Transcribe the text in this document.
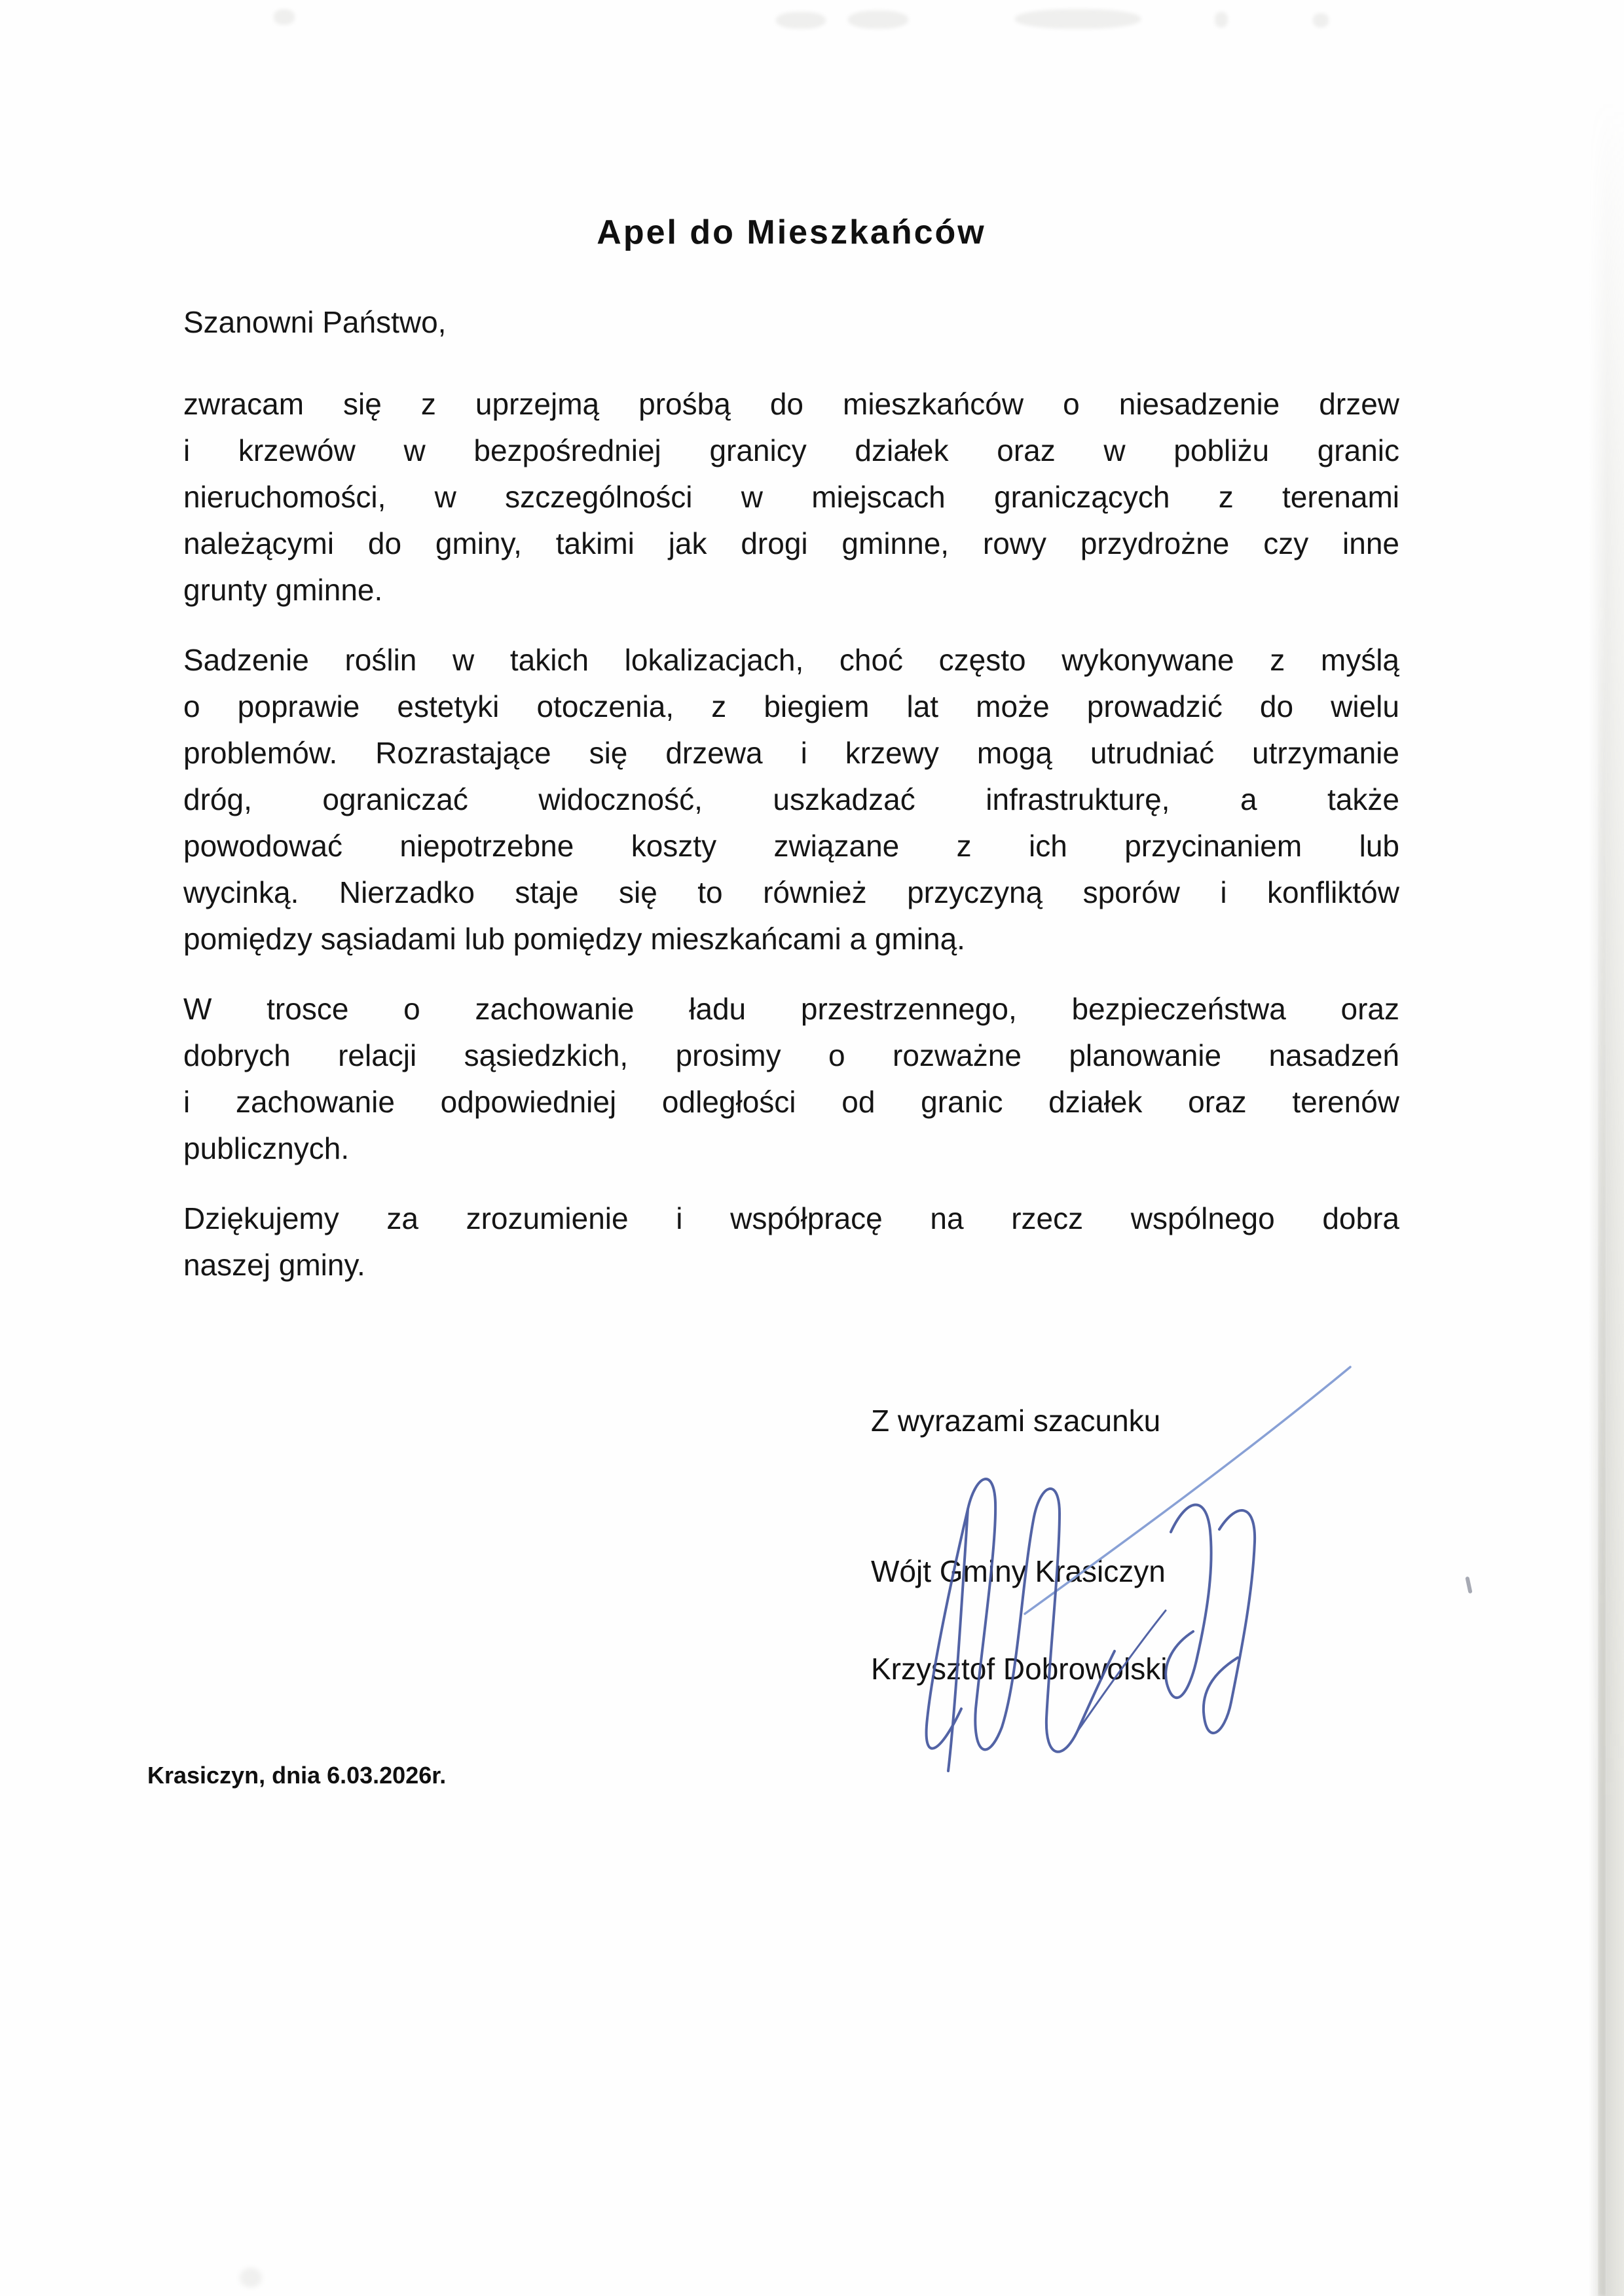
Apel do Mieszkańców
Szanowni Państwo,
zwracam się z uprzejmą prośbą do mieszkańców o niesadzenie drzew
i krzewów w bezpośredniej granicy działek oraz w pobliżu granic
nieruchomości, w szczególności w miejscach graniczących z terenami
należącymi do gminy, takimi jak drogi gminne, rowy przydrożne czy inne
grunty gminne.
Sadzenie roślin w takich lokalizacjach, choć często wykonywane z myślą
o poprawie estetyki otoczenia, z biegiem lat może prowadzić do wielu
problemów. Rozrastające się drzewa i krzewy mogą utrudniać utrzymanie
dróg, ograniczać widoczność, uszkadzać infrastrukturę, a także
powodować niepotrzebne koszty związane z ich przycinaniem lub
wycinką. Nierzadko staje się to również przyczyną sporów i konfliktów
pomiędzy sąsiadami lub pomiędzy mieszkańcami a gminą.
W trosce o zachowanie ładu przestrzennego, bezpieczeństwa oraz
dobrych relacji sąsiedzkich, prosimy o rozważne planowanie nasadzeń
i zachowanie odpowiedniej odległości od granic działek oraz terenów
publicznych.
Dziękujemy za zrozumienie i współpracę na rzecz wspólnego dobra
naszej gminy.
Z wyrazami szacunku
Wójt Gminy Krasiczyn
Krzysztof Dobrowolski
Krasiczyn, dnia 6.03.2026r.
